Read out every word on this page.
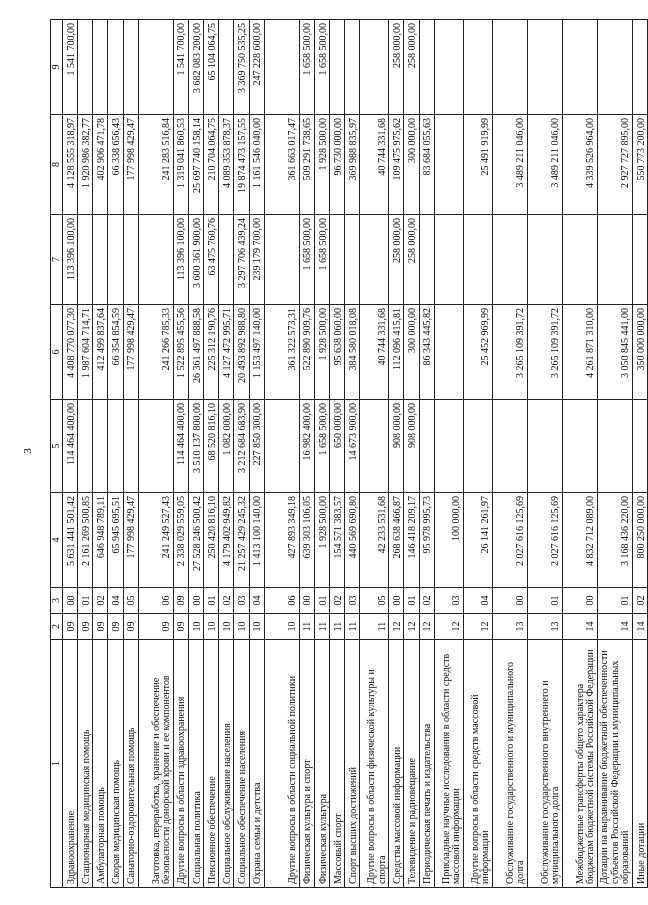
3
1	2	3	4	5	6	7	8	9
Здравоохранение	09	00	5 631 441 501,42	114 464 400,00	4 408 770 077,30	113 396 100,00	4 128 555 318,97	1 541 700,00
Стационарная медицинская помощь	09	01	2 161 269 500,85		1 987 604 714,71		1 920 986 382,77	
Амбулаторная помощь	09	02	646 948 789,11		412 499 837,64		402 906 471,78	
Скорая медицинская помощь	09	04	65 945 695,51		66 354 854,59		66 338 656,43	
Санаторно-оздоровительная помощь	09	05	177 998 429,47		177 998 429,47		177 998 429,47	
Заготовка, переработка, хранение и обеспечение безопасности донорской крови и ее компонентов	09	06	241 249 527,43		241 266 785,33		241 283 516,84	
Другие вопросы в области здравоохранения	09	09	2 338 029 559,05	114 464 400,00	1 522 895 455,56	113 396 100,00	1 319 041 860,53	1 541 700,00
Социальная политика	10	00	27 528 246 500,42	3 510 137 800,00	26 361 497 888,58	3 600 361 900,00	25 697 740 158,14	3 682 083 200,00
Пенсионное обеспечение	10	01	250 420 816,10	68 520 816,10	225 312 190,76	63 475 760,76	210 704 064,75	65 104 064,75
Социальное обслуживание населения	10	02	4 179 402 949,82	1 082 000,00	4 127 472 995,71		4 089 353 878,37	
Социальное обеспечение населения	10	03	21 257 429 245,32	3 212 684 683,90	20 493 892 988,80	3 297 706 439,24	19 874 473 157,55	3 369 750 535,25
Охрана семьи и детства	10	04	1 413 100 140,00	227 850 300,00	1 153 497 140,00	239 179 700,00	1 161 546 040,00	247 228 600,00
Другие вопросы в области социальной политики	10	06	427 893 349,18		361 322 573,31		361 663 017,47	
Физическая культура и спорт	11	00	639 303 106,05	16 982 400,00	522 890 909,76	1 658 500,00	509 291 738,65	1 658 500,00
Физическая культура	11	01	1 928 500,00	1 658 500,00	1 928 500,00	1 658 500,00	1 928 500,00	1 658 500,00
Массовый спорт	11	02	154 571 383,57	650 000,00	95 638 060,00		96 730 000,00	
Спорт высших достижений	11	03	440 569 690,80	14 673 900,00	384 580 018,08		369 988 835,97	
Другие вопросы в области физической культуры и спорта	11	05	42 233 531,68		40 744 331,68		40 744 331,68	
Средства массовой информации	12	00	268 638 466,87	908 000,00	112 096 415,81	258 000,00	109 475 975,62	258 000,00
Телевидение и радиовещание	12	01	146 418 209,17	908 000,00	300 000,00	258 000,00	300 000,00	258 000,00
Периодическая печать и издательства	12	02	95 978 995,73		86 343 445,82		83 684 055,63	
Прикладные научные исследования в области средств массовой информации	12	03	100 000,00					
Другие вопросы в области средств массовой информации	12	04	26 141 261,97		25 452 969,99		25 491 919,99	
Обслуживание государственного и муниципального долга	13	00	2 027 616 125,69		3 265 109 391,72		3 489 211 046,00	
Обслуживание государственного внутреннего и муниципального долга	13	01	2 027 616 125,69		3 265 109 391,72		3 489 211 046,00	
Межбюджетные трансферты общего характера бюджетам бюджетной системы Российской Федерации	14	00	4 832 712 089,00		4 261 871 310,00		4 339 526 964,00	
Дотации на выравнивание бюджетной обеспеченности субъектов Российской Федерации и муниципальных образований	14	01	3 168 436 220,00		3 050 845 441,00		2 927 727 895,00	
Иные дотации	14	02	800 250 000,00		350 000 000,00		550 773 200,00	
